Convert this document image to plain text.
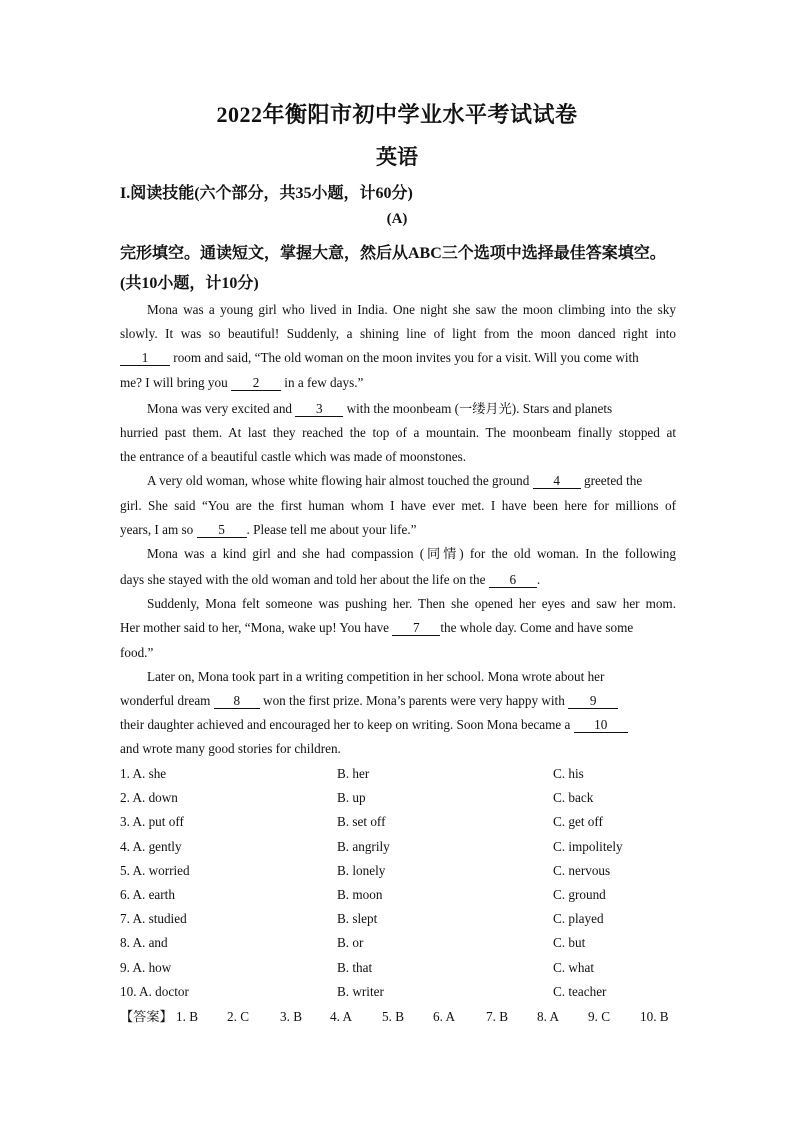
2022年衡阳市初中学业水平考试试卷
英语
I.阅读技能(六个部分，共35小题，计60分)
(A)
完形填空。通读短文，掌握大意，然后从ABC三个选项中选择最佳答案填空。
(共10小题，计10分)
Mona was a young girl who lived in India. One night she saw the moon climbing into the sky
slowly. It was so beautiful! Suddenly, a shining line of light from the moon danced right into
1 room and said, “The old woman on the moon invites you for a visit. Will you come with
me? I will bring you 2 in a few days.”
Mona was very excited and 3 with the moonbeam (一缕月光). Stars and planets
hurried past them. At last they reached the top of a mountain. The moonbeam finally stopped at
the entrance of a beautiful castle which was made of moonstones.
A very old woman, whose white flowing hair almost touched the ground 4 greeted the
girl. She said “You are the first human whom I have ever met. I have been here for millions of
years, I am so 5 . Please tell me about your life.”
Mona was a kind girl and she had compassion (同情) for the old woman. In the following
days she stayed with the old woman and told her about the life on the 6 .
Suddenly, Mona felt someone was pushing her. Then she opened her eyes and saw her mom.
Her mother said to her, “Mona, wake up! You have 7 the whole day. Come and have some
food.”
Later on, Mona took part in a writing competition in her school. Mona wrote about her
wonderful dream 8 won the first prize. Mona’s parents were very happy with 9
their daughter achieved and encouraged her to keep on writing. Soon Mona became a 10
and wrote many good stories for children.
1. A. she	B. her	C. his
2. A. down	B. up	C. back
3. A. put off	B. set off	C. get off
4. A. gently	B. angrily	C. impolitely
5. A. worried	B. lonely	C. nervous
6. A. earth	B. moon	C. ground
7. A. studied	B. slept	C. played
8. A. and	B. or	C. but
9. A. how	B. that	C. what
10. A. doctor	B. writer	C. teacher
【答案】 1. B 2. C 3. B 4. A 5. B 6. A 7. B 8. A 9. C 10. B
